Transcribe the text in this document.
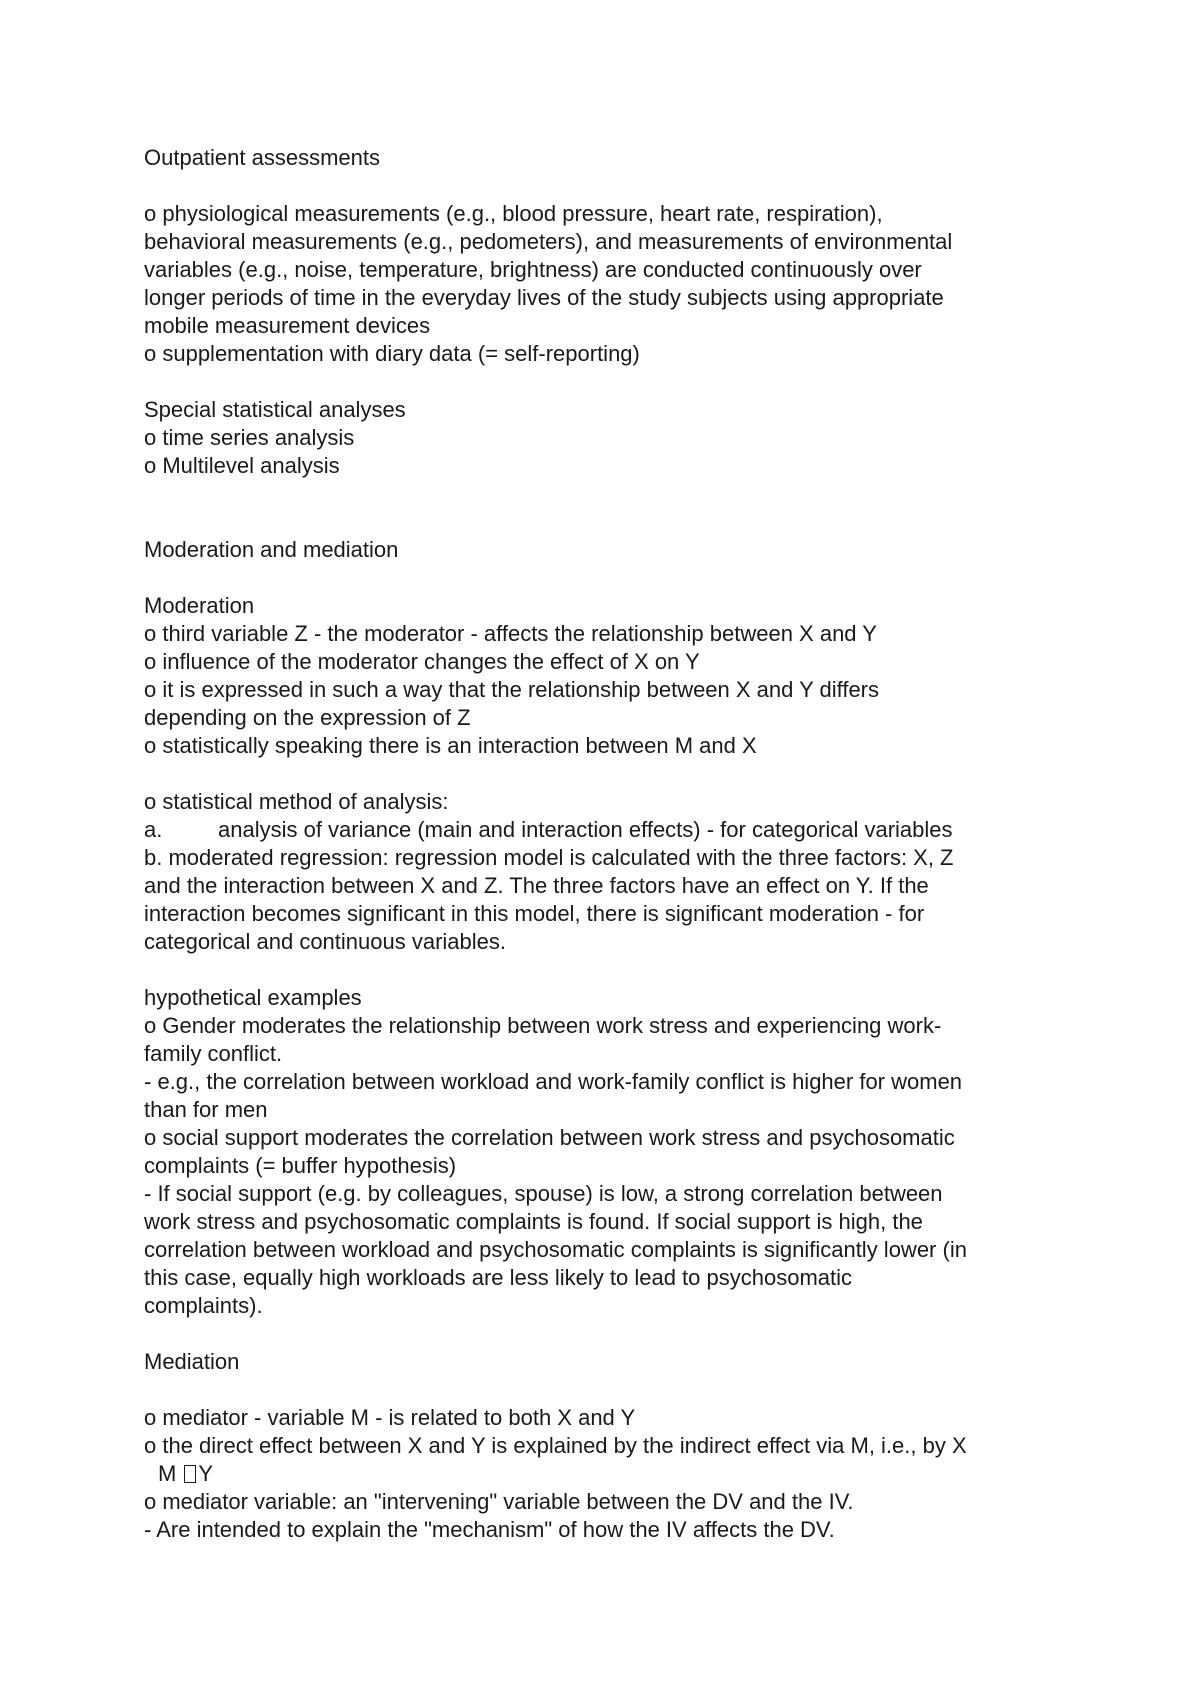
Outpatient assessments
o physiological measurements (e.g., blood pressure, heart rate, respiration),
behavioral measurements (e.g., pedometers), and measurements of environmental
variables (e.g., noise, temperature, brightness) are conducted continuously over
longer periods of time in the everyday lives of the study subjects using appropriate
mobile measurement devices
o supplementation with diary data (= self-reporting)
Special statistical analyses
o time series analysis
o Multilevel analysis
Moderation and mediation
Moderation
o third variable Z - the moderator - affects the relationship between X and Y
o influence of the moderator changes the effect of X on Y
o it is expressed in such a way that the relationship between X and Y differs
depending on the expression of Z
o statistically speaking there is an interaction between M and X
o statistical method of analysis:
a.	analysis of variance (main and interaction effects) - for categorical variables
b. moderated regression: regression model is calculated with the three factors: X, Z
and the interaction between X and Z. The three factors have an effect on Y. If the
interaction becomes significant in this model, there is significant moderation - for
categorical and continuous variables.
hypothetical examples
o Gender moderates the relationship between work stress and experiencing work-
family conflict.
- e.g., the correlation between workload and work-family conflict is higher for women
than for men
o social support moderates the correlation between work stress and psychosomatic
complaints (= buffer hypothesis)
- If social support (e.g. by colleagues, spouse) is low, a strong correlation between
work stress and psychosomatic complaints is found. If social support is high, the
correlation between workload and psychosomatic complaints is significantly lower (in
this case, equally high workloads are less likely to lead to psychosomatic
complaints).
Mediation
o mediator - variable M - is related to both X and Y
o the direct effect between X and Y is explained by the indirect effect via M, i.e., by X
M Y
o mediator variable: an "intervening" variable between the DV and the IV.
- Are intended to explain the "mechanism" of how the IV affects the DV.
